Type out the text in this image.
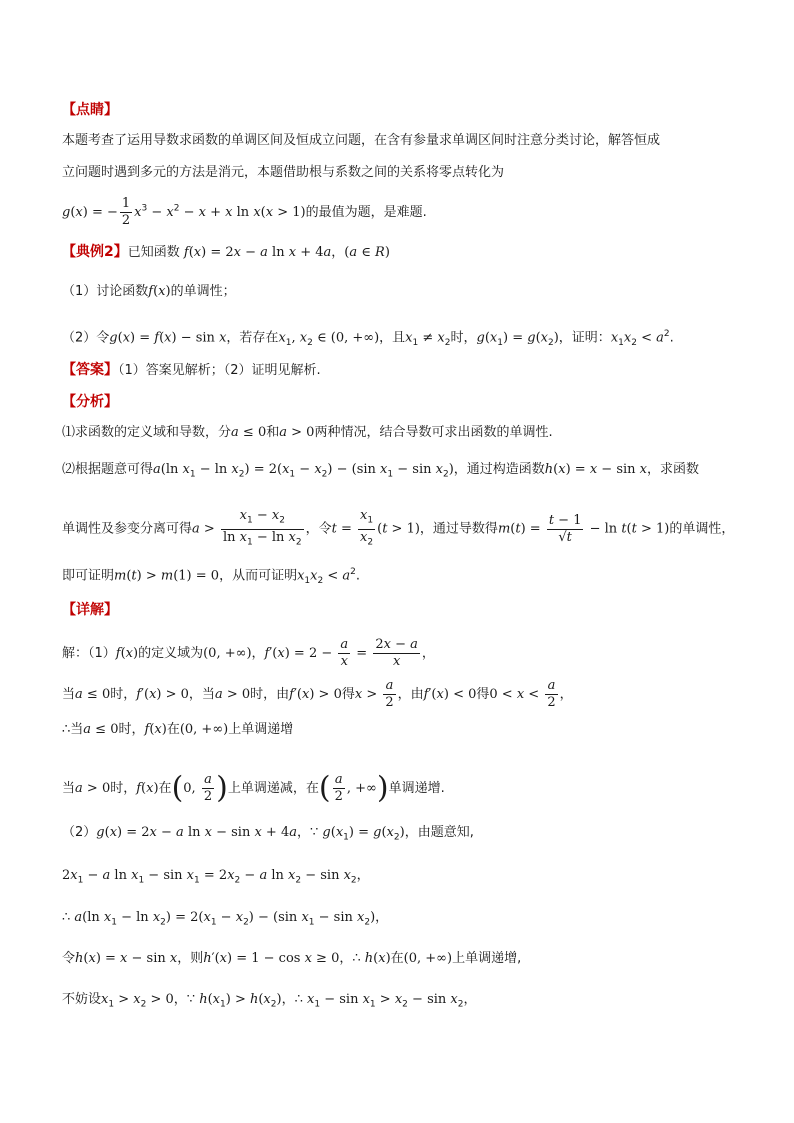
【点睛】
本题考查了运用导数求函数的单调区间及恒成立问题，在含有参量求单调区间时注意分类讨论，解答恒成
立问题时遇到多元的方法是消元，本题借助根与系数之间的关系将零点转化为
g(x) = − $\frac{1}{2} x^3 - x^2 - x + x$ ln x(x > 1)的最值为题，是难题.
【典例2】已知函数 f(x) = 2x − a ln x + 4a，(a ∈ R)
（1）讨论函数f(x)的单调性；
（2）令g(x) = f(x) − sin x，若存在$x_1$, $x_2$ ∈ (0, +∞)，且$x_1 \ne x_2$时，$g(x_1) = g(x_2)$，证明：$x_1x_2 < a^2$.
【答案】（1）答案见解析；（2）证明见解析.
【分析】
⑴求函数的定义域和导数，分a ≤ 0和a > 0两种情况，结合导数可求出函数的单调性.
⑵根据题意可得a(ln $x_1 - \ln x_2) = 2(x_1 - x_2) - (\sin$ $x_1 - \sin x_2$)，通过构造函数h(x) = x − sin x，求函数
单调性及参变分离可得$a > \frac{x_1 - x_2}{\ln x_1 - \ln x_2}$ ，令$t = \frac{x_1}{x_2} (t > 1)$，通过导数得$m(t) = \frac{t - 1}{√t} - \ln t(t > 1)$的单调性，
即可证明m(t) > m(1) = 0，从而可证明$x_1x_2 < a^2$.
【详解】
解：（1）f(x)的定义域为(0, +∞)，$f'(x) = 2 - \frac{a}{x} = \frac{2x - a}{x}$ ，
当a ≤ 0时，f′(x) > 0，当a > 0时，由f′(x) > 0得$x > \frac{a}{2}$ ，由f′(x) < 0得$0 < x < \frac{a}{2}$ ，
∴当a ≤ 0时，f(x)在(0, +∞)上单调递增
当a > 0时，f(x)在(0, $\frac{a}{2}$ )上单调递减，在( $\frac{a}{2}$ , +∞)单调递增.
（2）g(x) = 2x − a ln x − sin x + 4a，∵ $g(x_1) = g(x_2)$，由题意知,
$2x_1 - a$ $\ln x_1 - \sin x_1 = 2x_2 - a$ $\ln x_2 - \sin x_2$，
∴ a(ln $x_1 - \ln x_2) = 2(x_1 - x_2) - (\sin$ $x_1 - \sin x_2$)，
令h(x) = x − sin x，则h′(x) = 1 − cos x ≥ 0，∴ h(x)在(0, +∞)上单调递增,
不妨设$x_1 > x_2 > 0$，∵ $h(x_1) > h(x_2)$，∴ $x_1 - \sin x_1 > x_2 - \sin x_2$，
